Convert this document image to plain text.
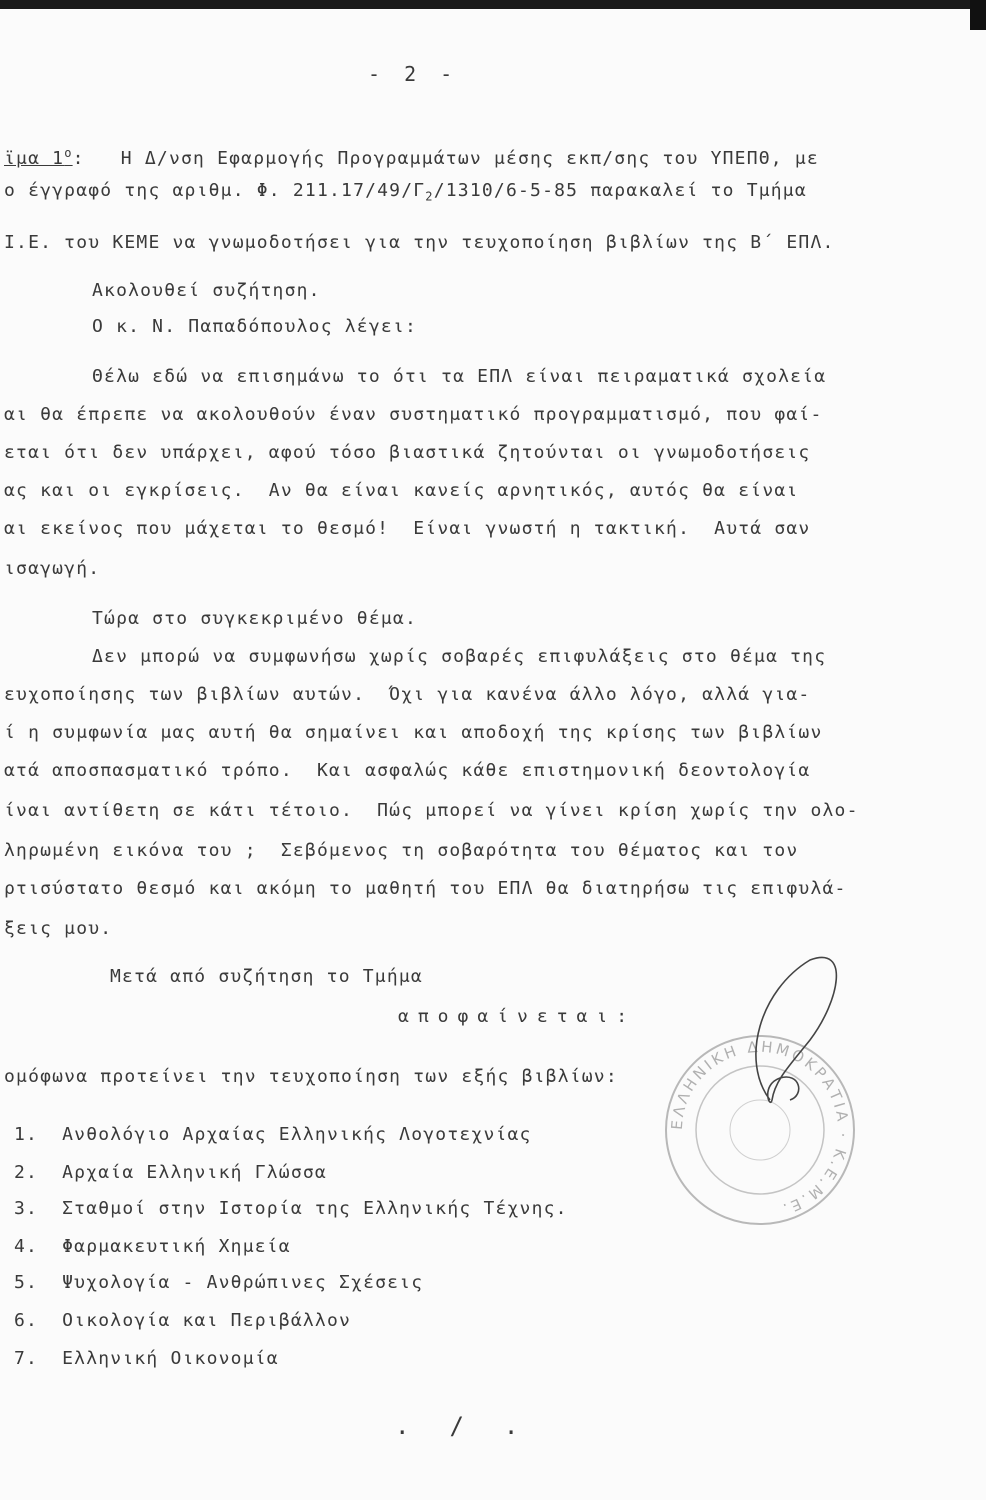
- 2 -
ϊμα $1^o$: Η Δ/νση Εφαρμογής Προγραμμάτων μέσης εκπ/σης του ΥΠΕΠΘ, με
ο έγγραφό της αριθμ. Φ. $211.17/49/\Gamma_2/1310/6-5-85$ παρακαλεί το Τμήμα
Ι.Ε. του ΚΕΜΕ να γνωμοδοτήσει για την τευχοποίηση βιβλίων της Β΄ ΕΠΛ.
Ακολουθεί συζήτηση.
Ο κ. Ν. Παπαδόπουλος λέγει:
Θέλω εδώ να επισημάνω το ότι τα ΕΠΛ είναι πειραματικά σχολεία
αι θα έπρεπε να ακολουθούν έναν συστηματικό προγραμματισμό, που φαί-
εται ότι δεν υπάρχει, αφού τόσο βιαστικά ζητούνται οι γνωμοδοτήσεις
ας και οι εγκρίσεις.  Αν θα είναι κανείς αρνητικός, αυτός θα είναι
αι εκείνος που μάχεται το θεσμό!  Είναι γνωστή η τακτική.  Αυτά σαν
ισαγωγή.
Τώρα στο συγκεκριμένο θέμα.
Δεν μπορώ να συμφωνήσω χωρίς σοβαρές επιφυλάξεις στο θέμα της
ευχοποίησης των βιβλίων αυτών.  Όχι για κανένα άλλο λόγο, αλλά για-
ί η συμφωνία μας αυτή θα σημαίνει και αποδοχή της κρίσης των βιβλίων
ατά αποσπασματικό τρόπο.  Και ασφαλώς κάθε επιστημονική δεοντολογία
ίναι αντίθετη σε κάτι τέτοιο.  Πώς μπορεί να γίνει κρίση χωρίς την ολο-
ληρωμένη εικόνα του ;  Σεβόμενος τη σοβαρότητα του θέματος και τον
ρτισύστατο θεσμό και ακόμη το μαθητή του ΕΠΛ θα διατηρήσω τις επιφυλά-
ξεις μου.
Μετά από συζήτηση το Τμήμα
αποφαίνεται:
ομόφωνα προτείνει την τευχοποίηση των εξής βιβλίων:
1.  Ανθολόγιο Αρχαίας Ελληνικής Λογοτεχνίας
2.  Αρχαία Ελληνική Γλώσσα
3.  Σταθμοί στην Ιστορία της Ελληνικής Τέχνης.
4.  Φαρμακευτική Χημεία
5.  Ψυχολογία - Ανθρώπινες Σχέσεις
6.  Οικολογία και Περιβάλλον
7.  Ελληνική Οικονομία
ΕΛΛΗΝΙΚΗ ΔΗΜΟΚΡΑΤΙΑ · Κ.Ε.Μ.Ε.
./.
